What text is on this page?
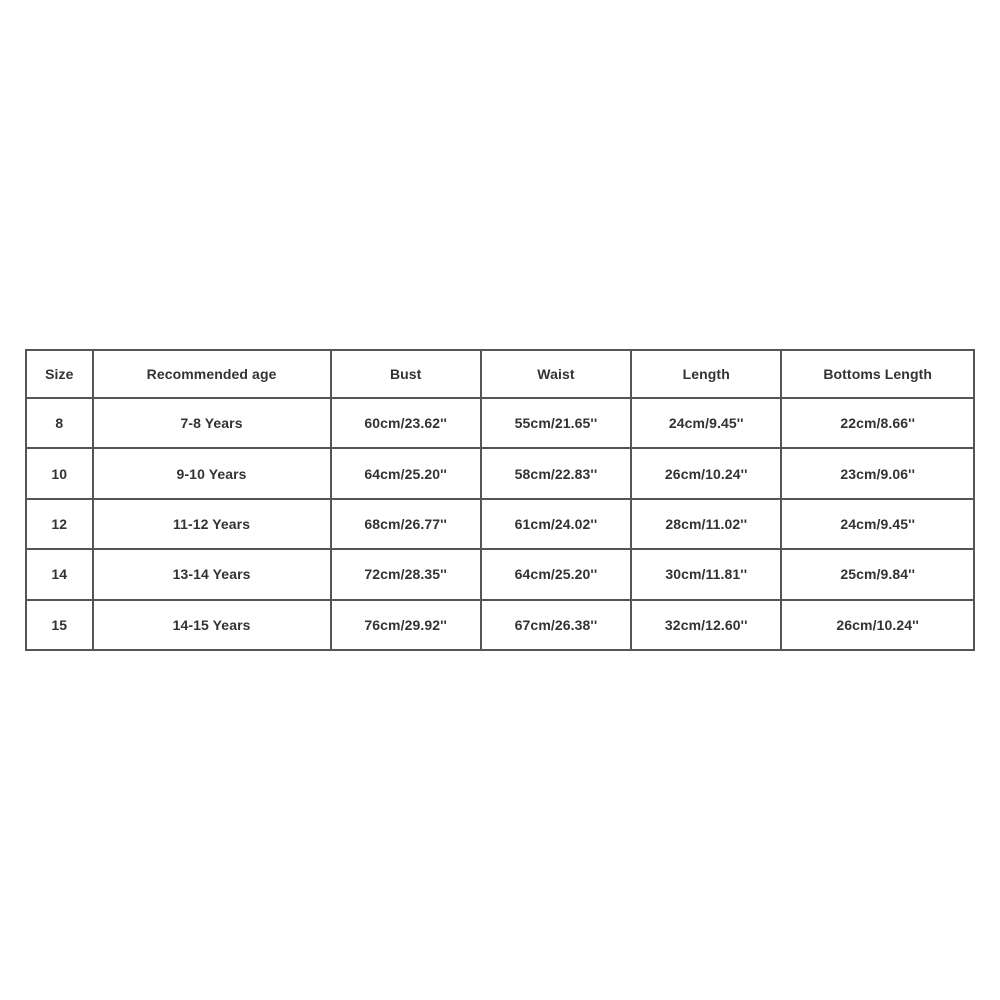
Size	Recommended age	Bust	Waist	Length	Bottoms Length
8	7-8 Years	60cm/23.62''	55cm/21.65''	24cm/9.45''	22cm/8.66''
10	9-10 Years	64cm/25.20''	58cm/22.83''	26cm/10.24''	23cm/9.06''
12	11-12 Years	68cm/26.77''	61cm/24.02''	28cm/11.02''	24cm/9.45''
14	13-14 Years	72cm/28.35''	64cm/25.20''	30cm/11.81''	25cm/9.84''
15	14-15 Years	76cm/29.92''	67cm/26.38''	32cm/12.60''	26cm/10.24''
